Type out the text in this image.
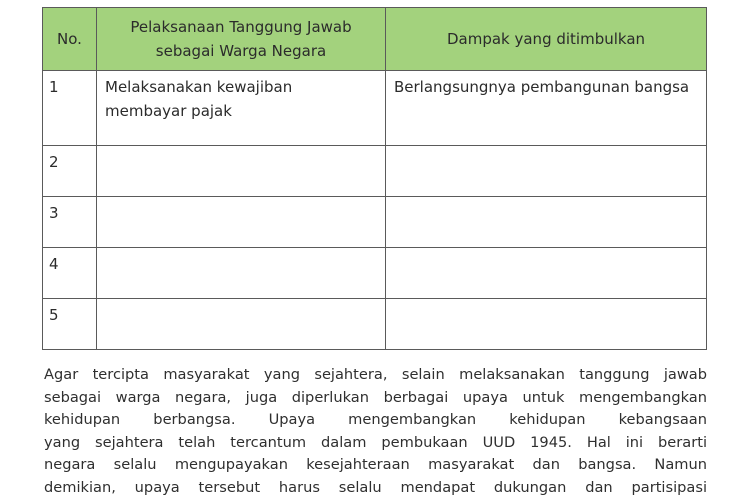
No.	Pelaksanaan Tanggung Jawab sebagai Warga Negara	Dampak yang ditimbulkan
1	Melaksanakan kewajiban membayar pajak	Berlangsungnya pembangunan bangsa
2		
3		
4		
5		
Agar tercipta masyarakat yang sejahtera, selain melaksanakan tanggung jawab
sebagai warga negara, juga diperlukan berbagai upaya untuk mengembangkan
kehidupan berbangsa. Upaya mengembangkan kehidupan kebangsaan
yang sejahtera telah tercantum dalam pembukaan UUD 1945. Hal ini berarti
negara selalu mengupayakan kesejahteraan masyarakat dan bangsa. Namun
demikian, upaya tersebut harus selalu mendapat dukungan dan partisipasi
